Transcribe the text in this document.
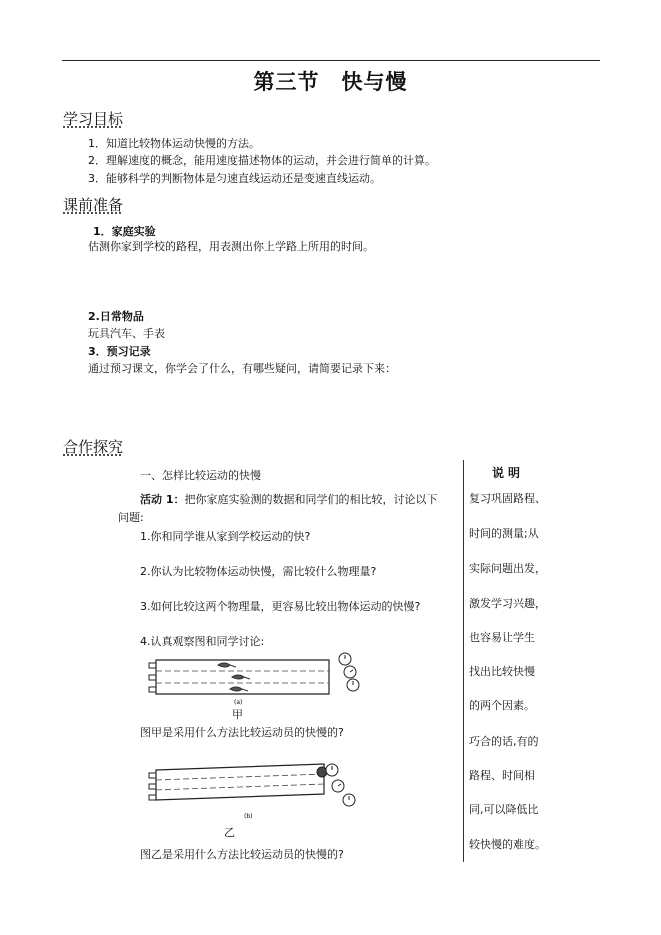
第三节　快与慢
学习目标
1．知道比较物体运动快慢的方法。
2．理解速度的概念，能用速度描述物体的运动，并会进行简单的计算。
3．能够科学的判断物体是匀速直线运动还是变速直线运动。
课前准备
1．家庭实验
估测你家到学校的路程，用表测出你上学路上所用的时间。
2.日常物品
玩具汽车、手表
3．预习记录
通过预习课文，你学会了什么，有哪些疑问，请简要记录下来：
合作探究
一、怎样比较运动的快慢
活动 1：把你家庭实验测的数据和同学们的相比较，讨论以下
问题:
1.你和同学谁从家到学校运动的快?
2.你认为比较物体运动快慢，需比较什么物理量?
3.如何比较这两个物理量，更容易比较出物体运动的快慢?
4.认真观察图和同学讨论:
(a)
甲
图甲是采用什么方法比较运动员的快慢的?
(b)
乙
图乙是采用什么方法比较运动员的快慢的?
说明
复习巩固路程、
时间的测量;从
实际问题出发，
激发学习兴趣，
也容易让学生
找出比较快慢
的两个因素。
巧合的话,有的
路程、时间相
同,可以降低比
较快慢的难度。
